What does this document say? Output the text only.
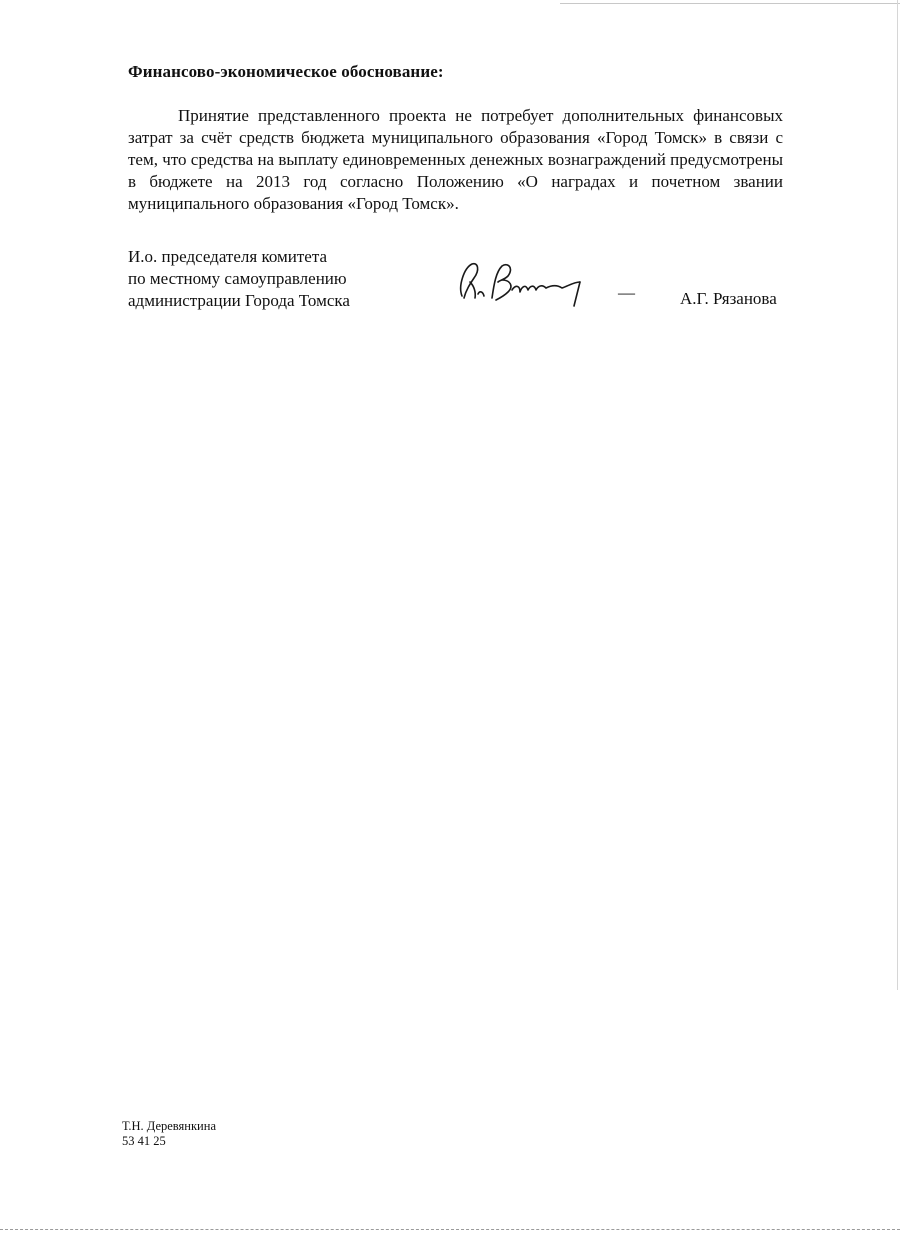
Финансово-экономическое обоснование:

Принятие представленного проекта не потребует дополнительных финансовых затрат за счёт средств бюджета муниципального образования «Город Томск» в связи с тем, что средства на выплату единовременных денежных вознаграждений предусмотрены в бюджете на 2013 год согласно Положению «О наградах и почетном звании муниципального образования «Город Томск».

И.о. председателя комитета
по местному самоуправлению
администрации Города Томска	—	А.Г. Рязанова
Т.Н. Деревянкина
53 41 25
